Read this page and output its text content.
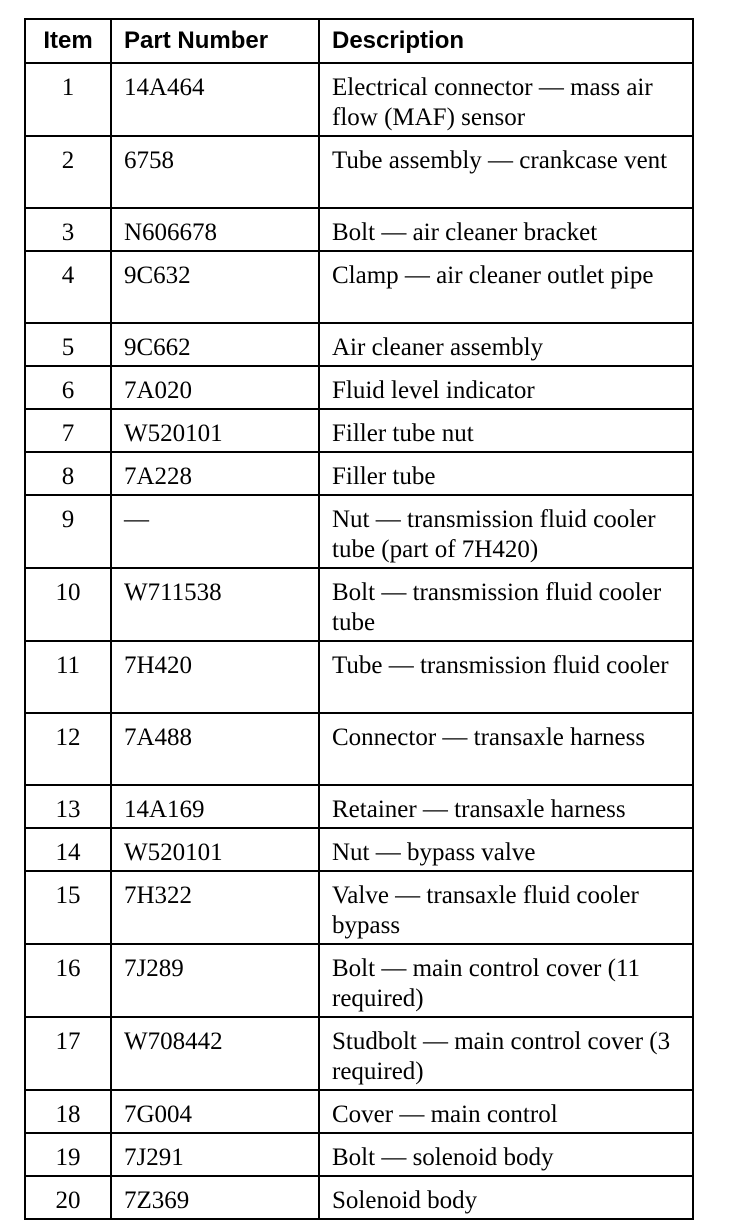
Item	Part Number	Description
1	14A464	Electrical connector — mass air flow (MAF) sensor
2	6758	Tube assembly — crankcase vent
3	N606678	Bolt — air cleaner bracket
4	9C632	Clamp — air cleaner outlet pipe
5	9C662	Air cleaner assembly
6	7A020	Fluid level indicator
7	W520101	Filler tube nut
8	7A228	Filler tube
9	—	Nut — transmission fluid cooler tube (part of 7H420)
10	W711538	Bolt — transmission fluid cooler tube
11	7H420	Tube — transmission fluid cooler
12	7A488	Connector — transaxle harness
13	14A169	Retainer — transaxle harness
14	W520101	Nut — bypass valve
15	7H322	Valve — transaxle fluid cooler bypass
16	7J289	Bolt — main control cover (11 required)
17	W708442	Studbolt — main control cover (3 required)
18	7G004	Cover — main control
19	7J291	Bolt — solenoid body
20	7Z369	Solenoid body
